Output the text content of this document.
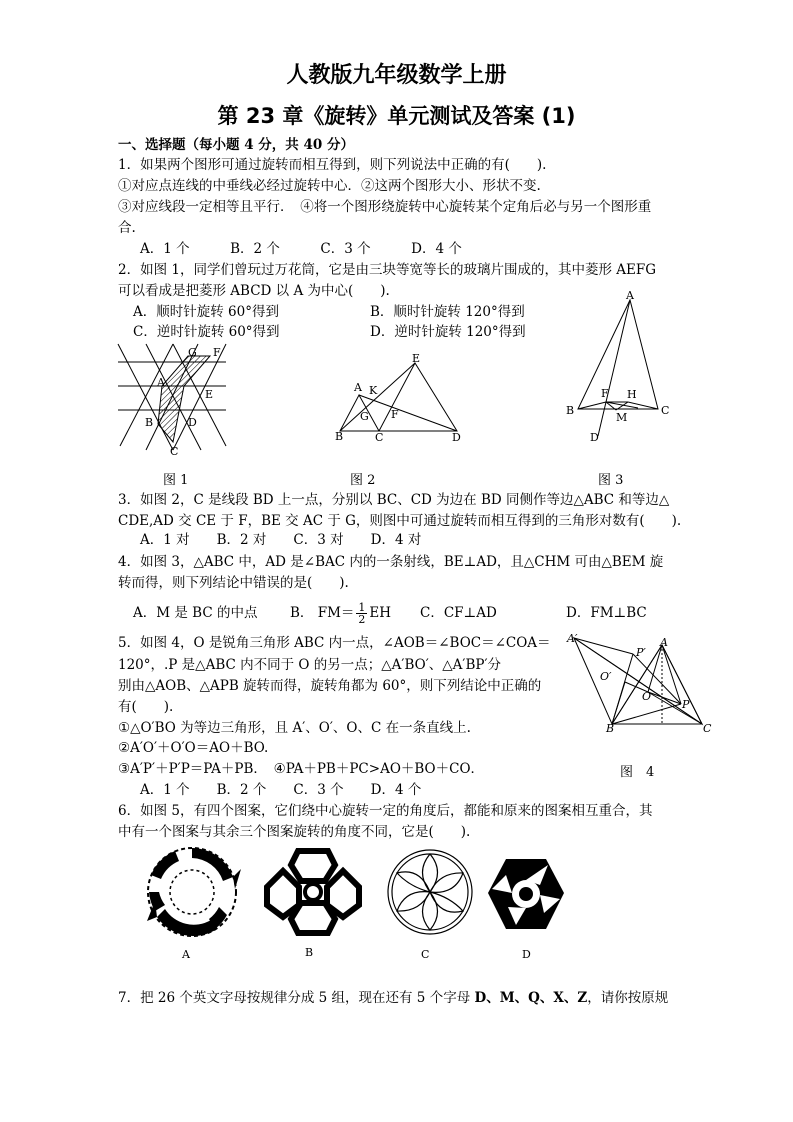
人教版九年级数学上册
第 23 章《旋转》单元测试及答案 (1)
一、选择题（每小题 4 分，共 40 分）
1．如果两个图形可通过旋转而相互得到，则下列说法中正确的有(　　).
①对应点连线的中垂线必经过旋转中心．②这两个图形大小、形状不变.
③对应线段一定相等且平行．　④将一个图形绕旋转中心旋转某个定角后必与另一个图形重
合.
A．1 个　　　B．2 个　　　C．3 个　　　D．4 个
2．如图 1，同学们曾玩过万花筒，它是由三块等宽等长的玻璃片围成的，其中菱形 AEFG
可以看成是把菱形 ABCD 以 A 为中心(　　).
A．顺时针旋转 60°得到	B．顺时针旋转 120°得到
C．逆时针旋转 60°得到	D．逆时针旋转 120°得到
G F
A
E
B	D
C
E
A K
G F
B	C	D
A
F H
B
M
C
D
图 1	图 2	图 3
3．如图 2，C 是线段 BD 上一点，分别以 BC、CD 为边在 BD 同侧作等边△ABC 和等边△
CDE,AD 交 CE 于 F，BE 交 AC 于 G，则图中可通过旋转而相互得到的三角形对数有(　　).
A．1 对　　B．2 对　　C．3 对　　D．4 对
4．如图 3，△ABC 中，AD 是∠BAC 内的一条射线，BE⊥AD，且△CHM 可由△BEM 旋
转而得，则下列结论中错误的是(　　).
A．M 是 BC 的中点 B． $FM= \frac{1}{2}$ EH C．CF⊥AD	D．FM⊥BC
5．如图 4，O 是锐角三角形 ABC 内一点，∠AOB＝∠BOC＝∠COA＝
120°，.P 是△ABC 内不同于 O 的另一点；△A′BO′、△A′BP′分
别由△AOB、△APB 旋转而得，旋转角都为 60°，则下列结论中正确的
有(　　).
①△O′BO 为等边三角形，且 A′、O′、O、C 在一条直线上.
②A′O′＋O′O＝AO＋BO.
③A′P′＋P′P＝PA＋PB．　④PA＋PB＋PC>AO＋BO＋CO．
A．1 个　　B．2 个　　C．3 个　　D．4 个
A′	A
P′
O′
O
P
B	C
图　4
6．如图 5，有四个图案，它们绕中心旋转一定的角度后，都能和原来的图案相互重合，其
中有一个图案与其余三个图案旋转的角度不同，它是(　　).
A	B	C	D
7．把 26 个英文字母按规律分成 5 组，现在还有 5 个字母 D、M、Q、X、Z，请你按原规
